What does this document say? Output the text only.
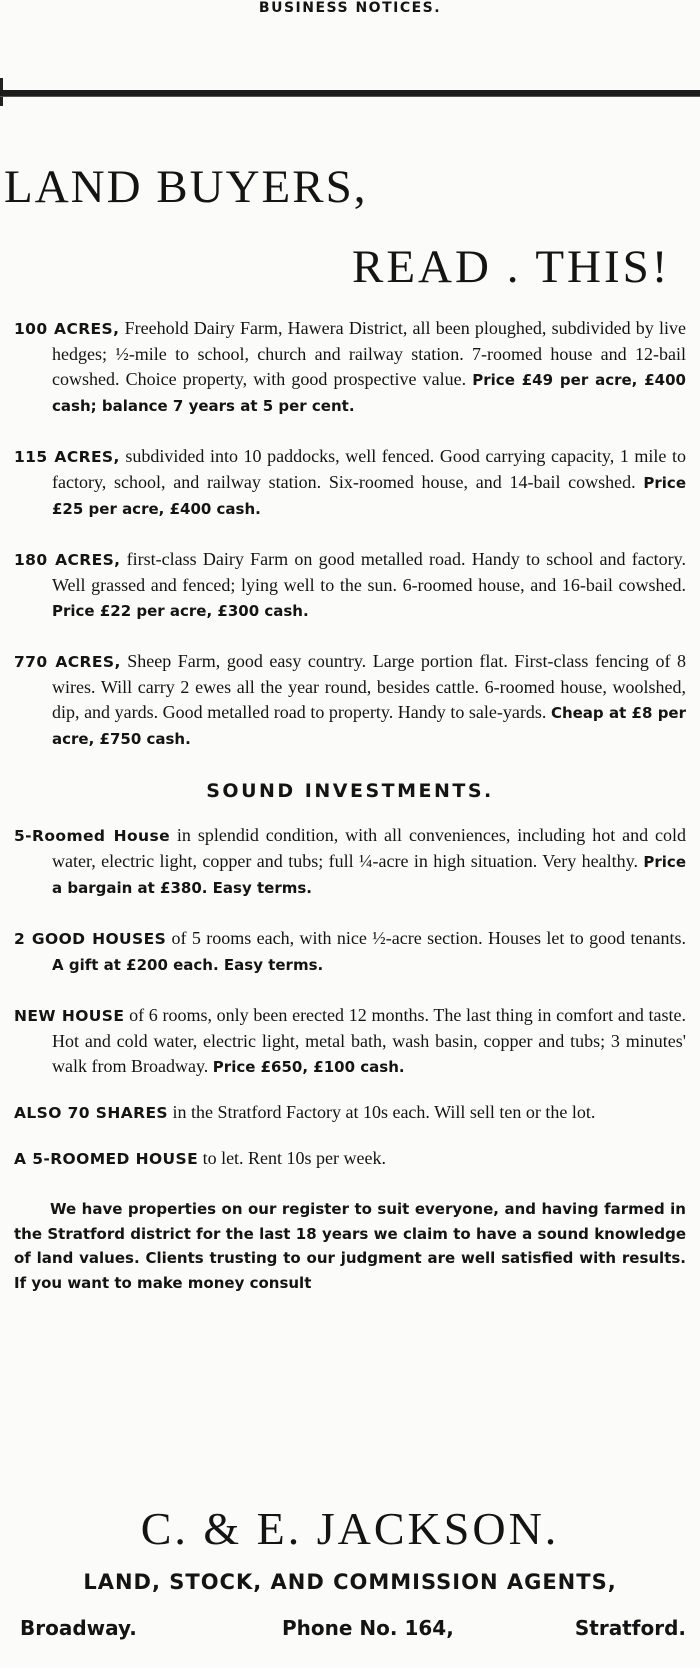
BUSINESS NOTICES.
LAND BUYERS,
READ . THIS!

100 ACRES, Freehold Dairy Farm, Hawera District, all been ploughed, subdivided by live hedges; ½-mile to school, church and railway station. 7-roomed house and 12-bail cowshed. Choice property, with good prospective value. Price £49 per acre, £400 cash; balance 7 years at 5 per cent.

115 ACRES, subdivided into 10 paddocks, well fenced. Good carrying capacity, 1 mile to factory, school, and railway station. Six-roomed house, and 14-bail cowshed. Price £25 per acre, £400 cash.

180 ACRES, first-class Dairy Farm on good metalled road. Handy to school and factory. Well grassed and fenced; lying well to the sun. 6-roomed house, and 16-bail cowshed. Price £22 per acre, £300 cash.

770 ACRES, Sheep Farm, good easy country. Large portion flat. First-class fencing of 8 wires. Will carry 2 ewes all the year round, besides cattle. 6-roomed house, woolshed, dip, and yards. Good metalled road to property. Handy to sale-yards. Cheap at £8 per acre, £750 cash.

SOUND INVESTMENTS.

5-Roomed House in splendid condition, with all conveniences, including hot and cold water, electric light, copper and tubs; full ¼-acre in high situation. Very healthy. Price a bargain at £380. Easy terms.

2 GOOD HOUSES of 5 rooms each, with nice ½-acre section. Houses let to good tenants. A gift at £200 each. Easy terms.

NEW HOUSE of 6 rooms, only been erected 12 months. The last thing in comfort and taste. Hot and cold water, electric light, metal bath, wash basin, copper and tubs; 3 minutes' walk from Broadway. Price £650, £100 cash.

ALSO 70 SHARES in the Stratford Factory at 10s each. Will sell ten or the lot.

A 5-ROOMED HOUSE to let. Rent 10s per week.

We have properties on our register to suit everyone, and having farmed in the Stratford district for the last 18 years we claim to have a sound knowledge of land values. Clients trusting to our judgment are well satisfied with results. If you want to make money consult

C. & E. JACKSON.
LAND, STOCK, AND COMMISSION AGENTS,
Broadway.	Phone No. 164,	Stratford.
